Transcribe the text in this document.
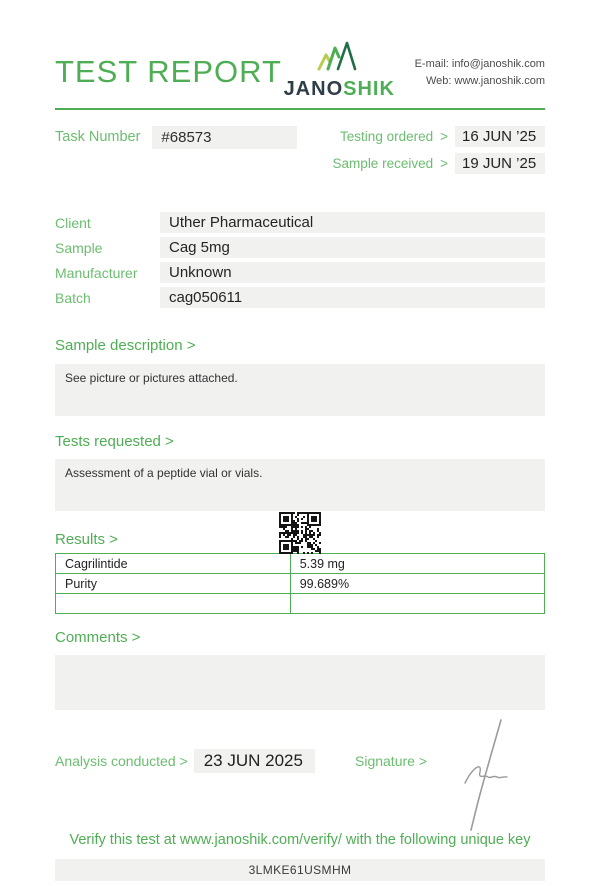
TEST REPORT JANOSHIK
E-mail: info@janoshik.com
Web: www.janoshik.com
Task Number	#68573	Testing ordered > 16 JUN ’25
Sample received > 19 JUN ’25
Client	Uther Pharmaceutical
Sample	Cag 5mg
Manufacturer	Unknown
Batch	cag050611
Sample description >
See picture or pictures attached.
Tests requested >
Assessment of a peptide vial or vials.
Results >
Cagrilintide	5.39 mg
Purity	99.689%

Comments >
Analysis conducted > 23 JUN 2025	Signature >
Verify this test at www.janoshik.com/verify/ with the following unique key
3LMKE61USMHM
